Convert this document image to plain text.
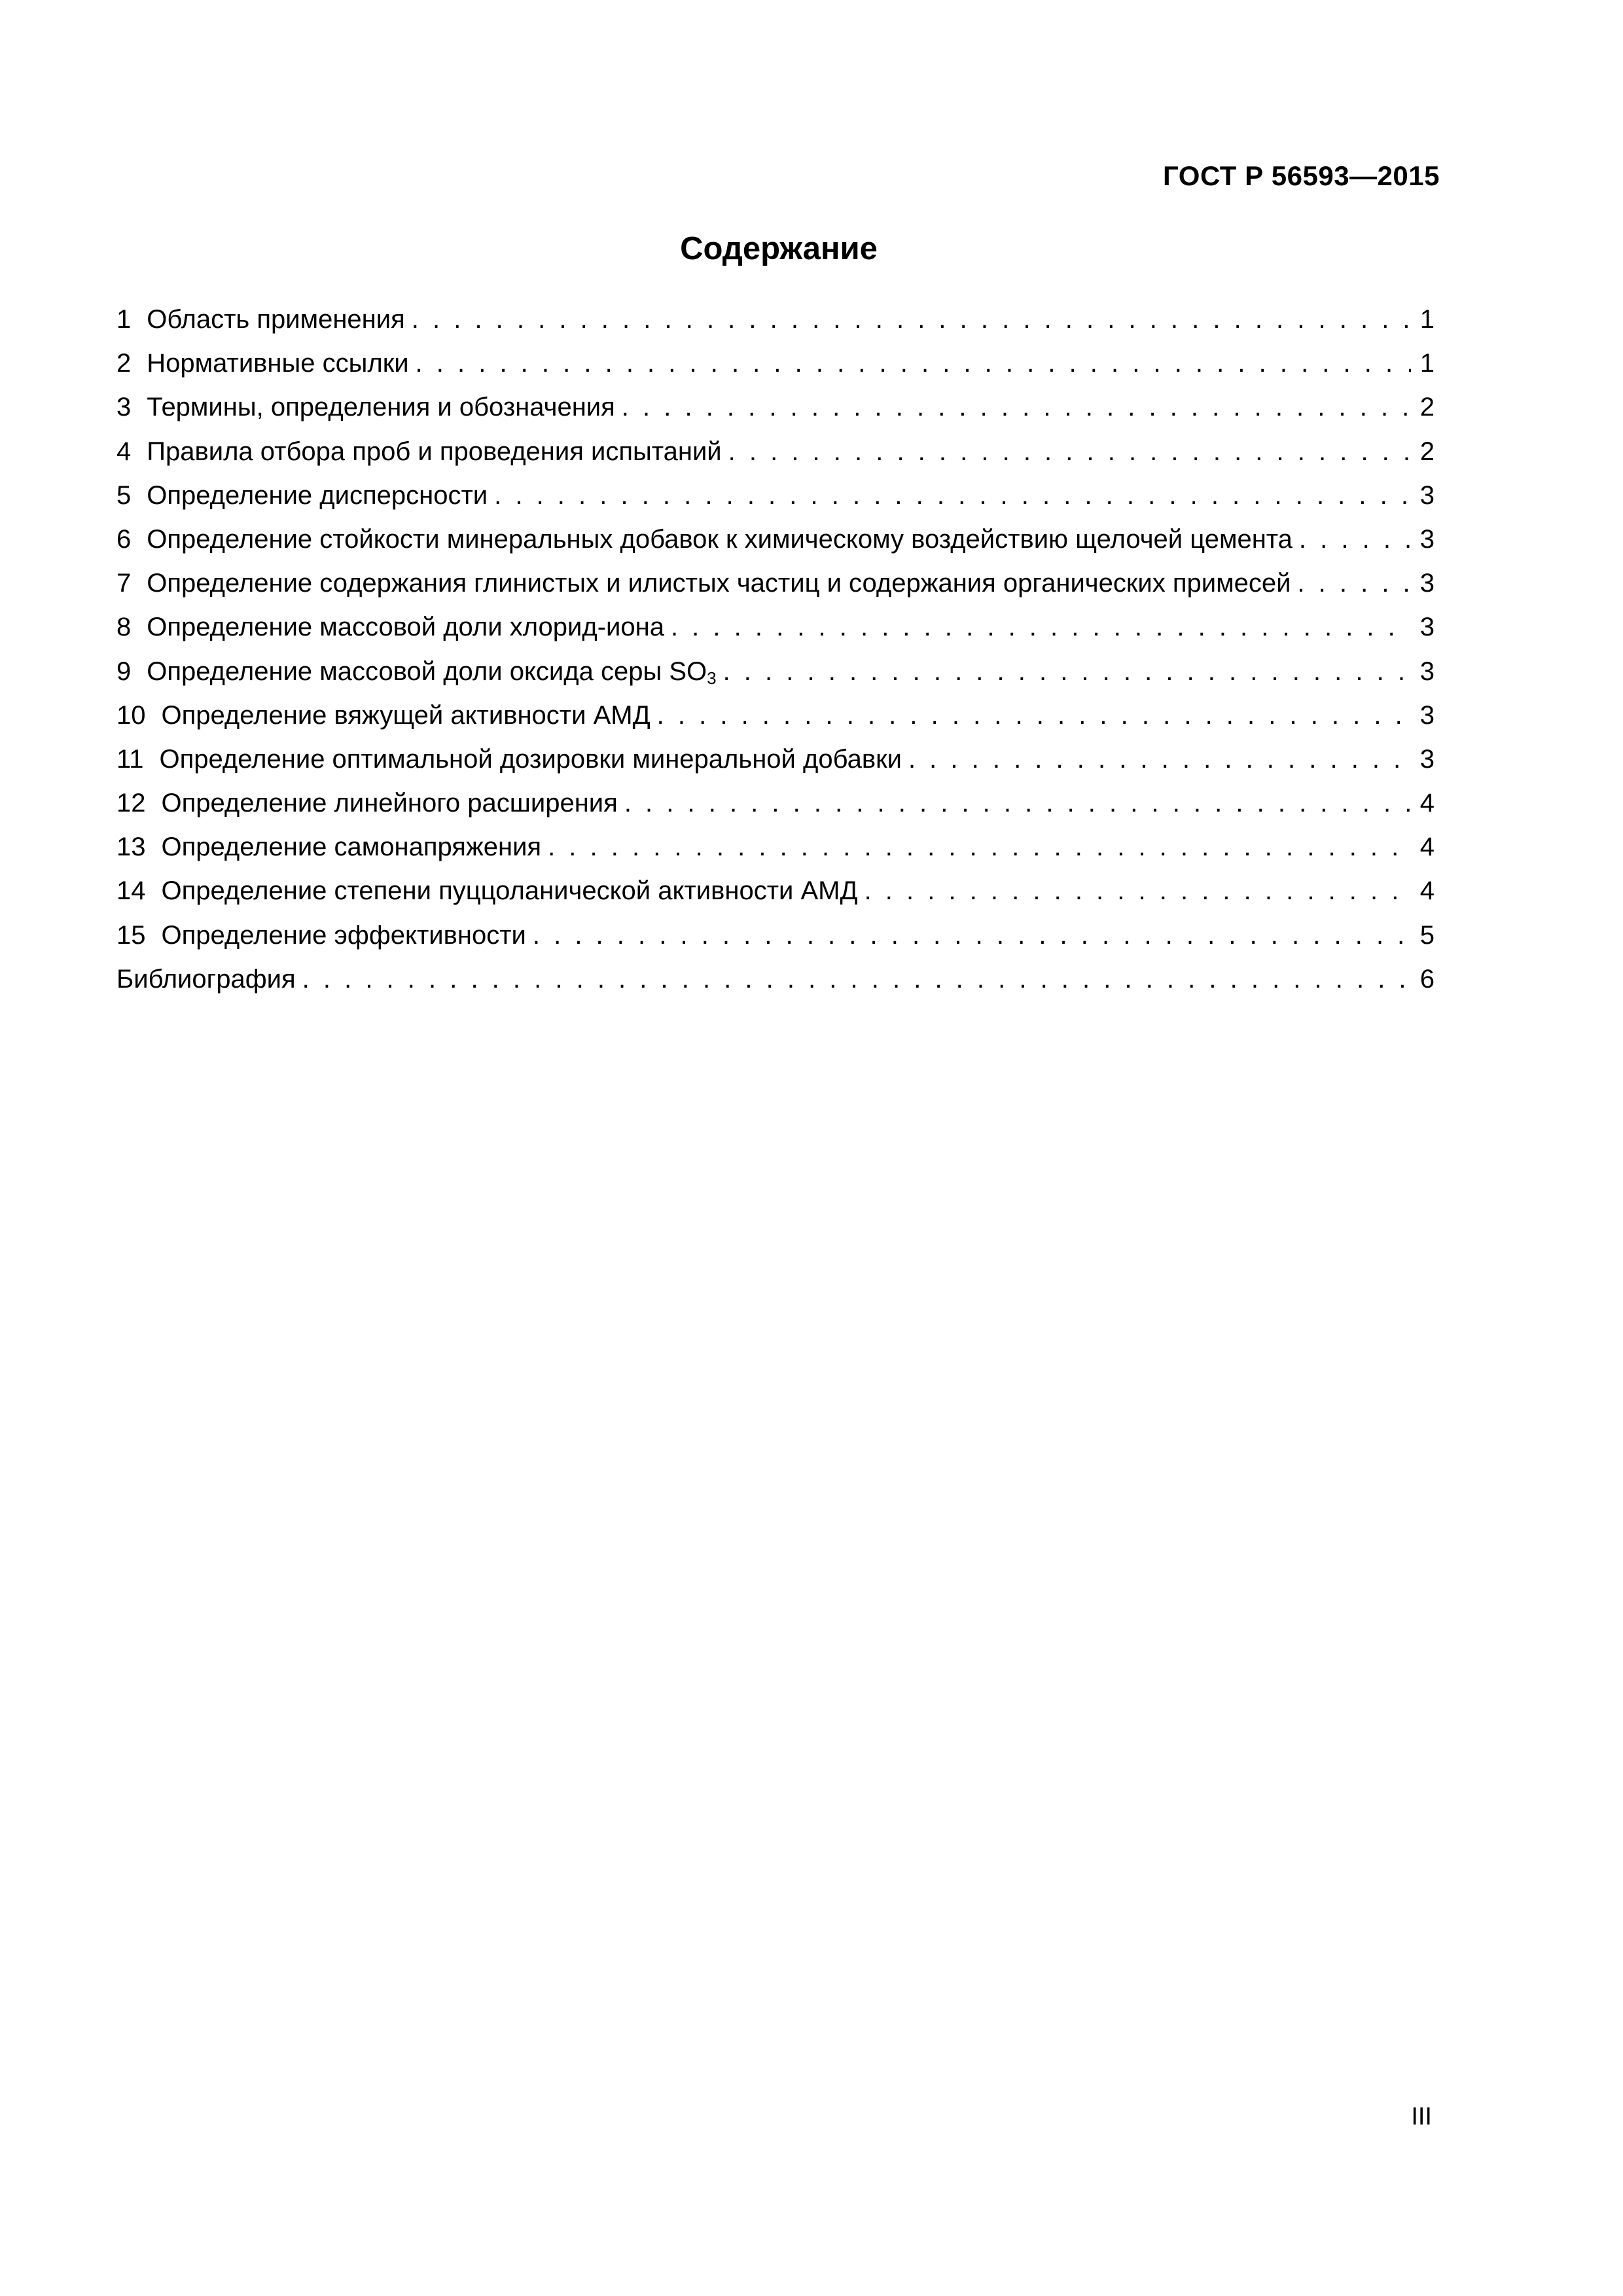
ГОСТ Р 56593—2015
Содержание
1 Область применения . . .	1
2 Нормативные ссылки . . .	1
3 Термины, определения и обозначения . . .	2
4 Правила отбора проб и проведения испытаний . . .	2
5 Определение дисперсности . . .	3
6 Определение стойкости минеральных добавок к химическому воздействию щелочей цемента . . .	3
7 Определение содержания глинистых и илистых частиц и содержания органических примесей . . .	3
8 Определение массовой доли хлорид-иона . . .	3
9 Определение массовой доли оксида серы $SO_3$ . . .	3
10 Определение вяжущей активности АМД . . .	3
11 Определение оптимальной дозировки минеральной добавки . . .	3
12 Определение линейного расширения . . .	4
13 Определение самонапряжения . . .	4
14 Определение степени пуццоланической активности АМД . . .	4
15 Определение эффективности . . .	5
Библиография . . .	6
III
